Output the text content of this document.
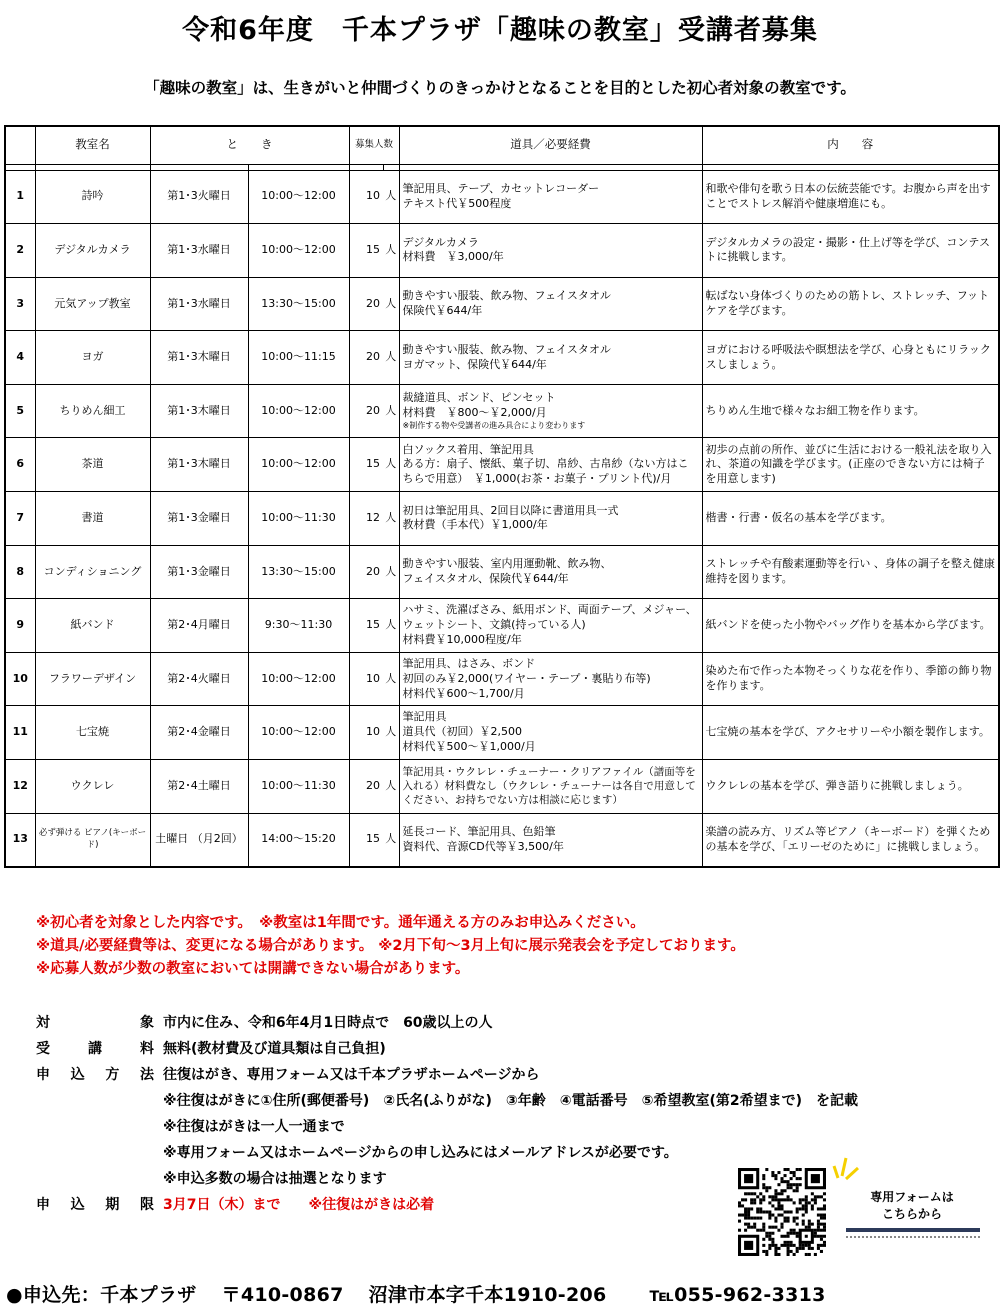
令和6年度　千本プラザ「趣味の教室」受講者募集
「趣味の教室」は、生きがいと仲間づくりのきっかけとなることを目的とした初心者対象の教室です。
	教室名	と　　き		募集人数		道具／必要経費	内　　容

1	詩吟	第1･3火曜日	10:00～12:00	10	人	筆記用具、テープ、カセットレコーダー
テキスト代￥500程度	和歌や俳句を歌う日本の伝統芸能です。お腹から声を出すことでストレス解消や健康増進にも。
2	デジタルカメラ	第1･3水曜日	10:00～12:00	15	人	デジタルカメラ
材料費　￥3,000/年	デジタルカメラの設定・撮影・仕上げ等を学び、コンテストに挑戦します。
3	元気アップ教室	第1･3水曜日	13:30～15:00	20	人	動きやすい服装、飲み物、フェイスタオル
保険代￥644/年	転ばない身体づくりのための筋トレ、ストレッチ、フットケアを学びます。
4	ヨガ	第1･3木曜日	10:00～11:15	20	人	動きやすい服装、飲み物、フェイスタオル
ヨガマット、保険代￥644/年	ヨガにおける呼吸法や瞑想法を学び、心身ともにリラックスしましょう。
5	ちりめん細工	第1･3木曜日	10:00～12:00	20	人	裁縫道具、ボンド、ピンセット
材料費　￥800～￥2,000/月
※制作する物や受講者の進み具合により変わります	ちりめん生地で様々なお細工物を作ります。
6	茶道	第1･3木曜日	10:00～12:00	15	人	白ソックス着用、筆記用具
ある方：扇子、懐紙、菓子切、帛紗、古帛紗（ない方はこちらで用意）　￥1,000(お茶・お菓子・プリント代)/月	初歩の点前の所作、並びに生活における一般礼法を取り入れ、茶道の知識を学びます。(正座のできない方には椅子を用意します)
7	書道	第1･3金曜日	10:00～11:30	12	人	初日は筆記用具、2回目以降に書道用具一式
教材費（手本代）￥1,000/年	楷書・行書・仮名の基本を学びます。
8	コンディショニング	第1･3金曜日	13:30～15:00	20	人	動きやすい服装、室内用運動靴、飲み物、
フェイスタオル、保険代￥644/年	ストレッチや有酸素運動等を行い 、身体の調子を整え健康維持を図ります。
9	紙バンド	第2･4月曜日	9:30～11:30	15	人	ハサミ、洗濯ばさみ、紙用ボンド、両面テープ、メジャー、ウェットシート、文鎮(持っている人)
材料費￥10,000程度/年	紙バンドを使った小物やバッグ作りを基本から学びます。
10	フラワーデザイン	第2･4火曜日	10:00～12:00	10	人	筆記用具、はさみ、ボンド
初回のみ￥2,000(ワイヤー・テープ・裏貼り布等)
材料代￥600～1,700/月	染めた布で作った本物そっくりな花を作り、季節の飾り物を作ります。
11	七宝焼	第2･4金曜日	10:00～12:00	10	人	筆記用具
道具代（初回）￥2,500
材料代￥500～￥1,000/月	七宝焼の基本を学び、アクセサリーや小額を製作します。
12	ウクレレ	第2･4土曜日	10:00～11:30	20	人	筆記用具・ウクレレ・チューナー・クリアファイル（譜面等を入れる）材料費なし（ウクレレ・チューナーは各自で用意してください、お持ちでない方は相談に応じます）	ウクレレの基本を学び、弾き語りに挑戦しましょう。
13	必ず弾ける ピアノ(キーボード)	土曜日 （月2回）	14:00～15:20	15	人	延長コード、筆記用具、色鉛筆
資料代、音源CD代等￥3,500/年	楽譜の読み方、リズム等ピアノ（キーボード）を弾くための基本を学び、「エリーゼのために」に挑戦しましょう。
※初心者を対象とした内容です。　※教室は1年間です。通年通える方のみお申込みください。
※道具/必要経費等は、変更になる場合があります。 ※2月下旬～3月上旬に展示発表会を予定しております。
※応募人数が少数の教室においては開講できない場合があります。
対	象 市内に住み、令和6年4月1日時点で　60歳以上の人
受	講	料 無料(教材費及び道具類は自己負担)
申 込 方 法 往復はがき、専用フォーム又は千本プラザホームページから
※往復はがきに①住所(郵便番号)　②氏名(ふりがな)　③年齢　④電話番号　⑤希望教室(第2希望まで)　を記載
※往復はがきは一人一通まで
※専用フォーム又はホームページからの申し込みにはメールアドレスが必要です。
※申込多数の場合は抽選となります
申 込 期 限 3月7日（木）まで　　※往復はがきは必着	専用フォームは
こちらから
●申込先：千本プラザ 〒410-0867 沼津市本字千本1910-206 ℡055-962-3313
